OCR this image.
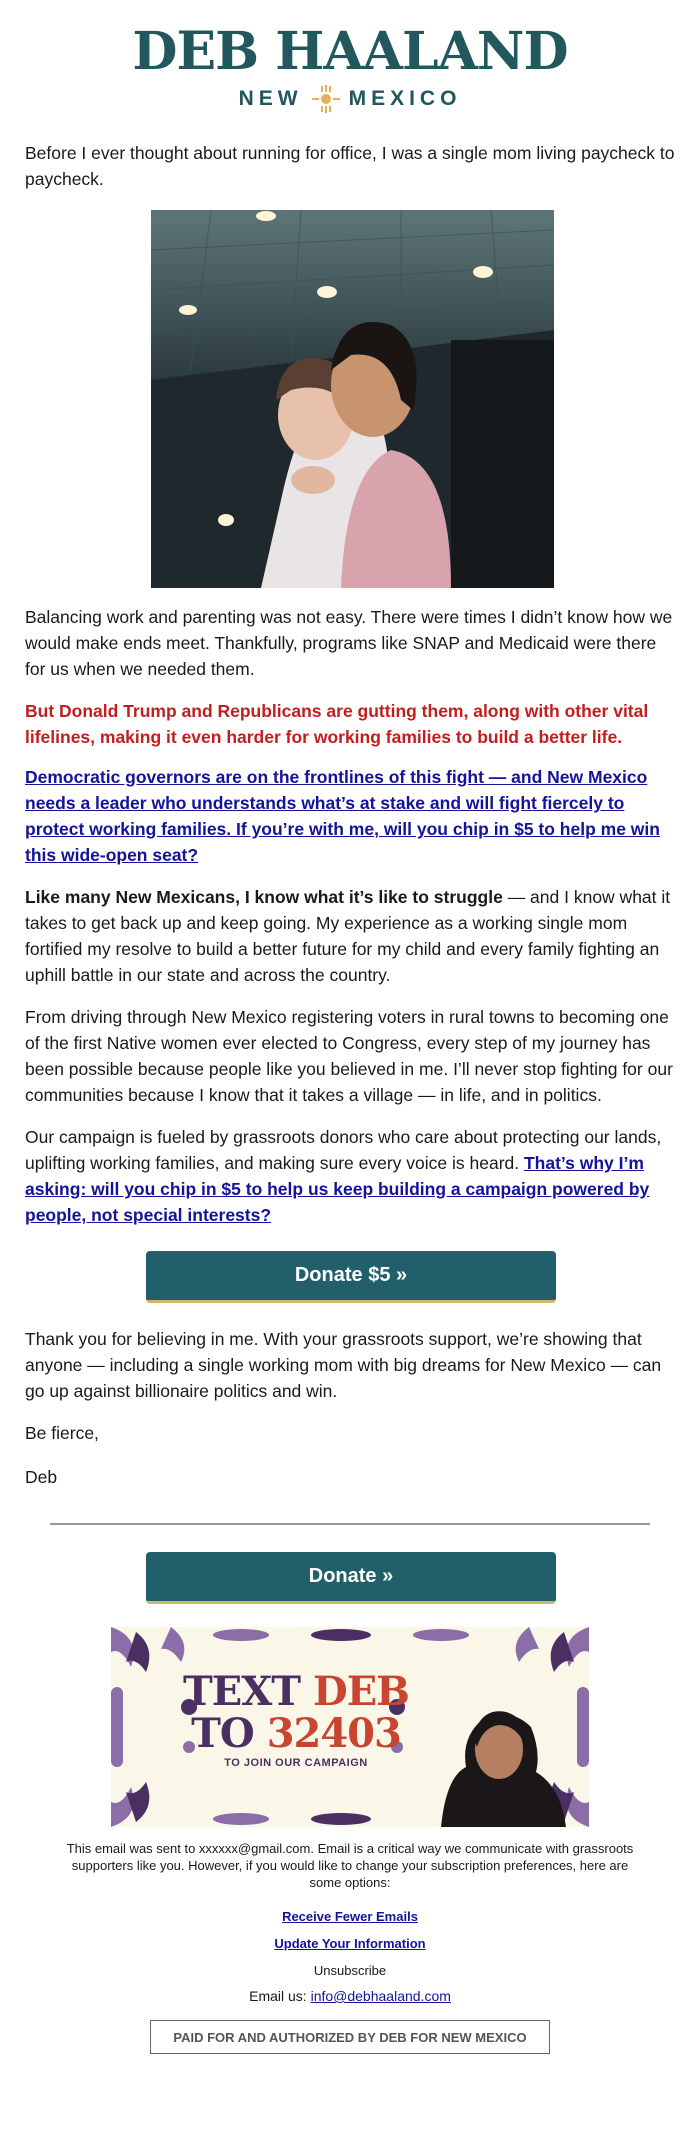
DEB HAALAND
NEW MEXICO

Before I ever thought about running for office, I was a single mom living paycheck to paycheck.

Balancing work and parenting was not easy. There were times I didn’t know how we would make ends meet. Thankfully, programs like SNAP and Medicaid were there for us when we needed them.

But Donald Trump and Republicans are gutting them, along with other vital lifelines, making it even harder for working families to build a better life.

Democratic governors are on the frontlines of this fight — and New Mexico needs a leader who understands what’s at stake and will fight fiercely to protect working families. If you’re with me, will you chip in $5 to help me win this wide-open seat?

Like many New Mexicans, I know what it’s like to struggle — and I know what it takes to get back up and keep going. My experience as a working single mom fortified my resolve to build a better future for my child and every family fighting an uphill battle in our state and across the country.

From driving through New Mexico registering voters in rural towns to becoming one of the first Native women ever elected to Congress, every step of my journey has been possible because people like you believed in me. I’ll never stop fighting for our communities because I know that it takes a village — in life, and in politics.

Our campaign is fueled by grassroots donors who care about protecting our lands, uplifting working families, and making sure every voice is heard. That’s why I’m asking: will you chip in $5 to help us keep building a campaign powered by people, not special interests?

Donate $5 »

Thank you for believing in me. With your grassroots support, we’re showing that anyone — including a single working mom with big dreams for New Mexico — can go up against billionaire politics and win.

Be fierce,

Deb

Donate »
TEXT DEB
TO 32403
TO JOIN OUR CAMPAIGN
This email was sent to xxxxxx@gmail.com. Email is a critical way we communicate with grassroots supporters like you. However, if you would like to change your subscription preferences, here are some options:
Receive Fewer Emails
Update Your Information
Unsubscribe
Email us: info@debhaaland.com
PAID FOR AND AUTHORIZED BY DEB FOR NEW MEXICO
